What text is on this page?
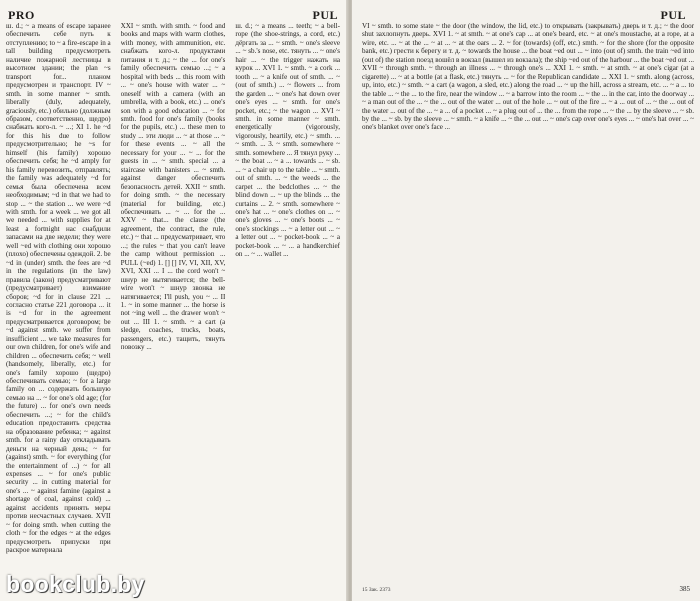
PRO	PUL

ш. d.; ~ a means of escape заранее обеспечить себе путь к отступлению; to ~ a fire-escape in a tall building предусмотреть наличие пожарной лестницы в высотном здании; the plan ~s transport for... планом предусмотрен и транспорт. IV ~ smth. in some manner ~ smth. liberally (duly, adequately, graciously, etc.) обильно (должным образом, соответственно, щедро) снабжать кого-л. ~ ...; XI 1. he ~d for this his due to follow предусмотрительно; he ~s for himself (his family) хорошо обеспечить себя; he ~d amply for his family перевозить, отправлять; the family was adequately ~d for семья была обеспечена всем необходимым; ~d in that we had to stop ... ~ the station ... we were ~d with smth. for a week ... we got all we needed ... with supplies for at least a fortnight нас снабдили запасами на две недели; they were well ~ed with clothing они хорошо (плохо) обеспечены одеждой. 2. be ~d in (under) smth. the fees are ~d in the regulations (in the law) правила (закон) предусматривают (предусматривает) взимание сборов; ~d for in clause 221 ... согласно статье 221 договора ... it is ~d for in the agreement предусматривается договором; be ~d against smth. we suffer from insufficient ... we take measures for our own children, for one's wife and children ... обеспечить себя; ~ well (handsomely, liberally, etc.) for one's family хорошо (щедро) обеспечивать семью; ~ for a large family on ... содержать большую семью на ... ~ for one's old age; (for the future) ... for one's own needs обеспечить ...; ~ for the child's education предоставить средства на образование ребенка; ~ against smth. for a rainy day откладывать деньги на черный день; ~ for (against) smth. ~ for everything (for the entertainment of ...) ~ for all expenses ... ~ for one's public security ... in cutting material for one's ... ~ against famine (against a shortage of coal, against cold) ... against accidents принять меры против несчастных случаев. XVII ~ for doing smth. when cutting the cloth ~ for the edges ~ at the edges предусмотреть припуски при раскрое материала

XXI ~ smth. with smth. ~ food and books and maps with warm clothes, with money, with ammunition, etc. снабжать кого-л. продуктами питания и т. д.; ~ the ... for one's family обеспечить семью ...; ~ a hospital with beds ... this room with ... ~ one's house with water ... ~ oneself with a camera (with an umbrella, with a book, etc.) ... one's son with a good education ... ~ for smth. food for one's family (books for the pupils, etc.) ... these men to study ... эти люди ... ~ at those ... ~ for these events ... ~ all the necessary for your ... ~ ... for the guests in ... ~ smth. special ... a staircase with banisters ... ~ smth. against danger обеспечить безопасность детей. XXII ~ smth. for doing smth. ~ the necessary (material for building, etc.) обеспечивать ... ~ ... for the ... XXV ~ that... the clause (the agreement, the contract, the rule, etc.) ~ that ... предусматривает, что ...; the rules ~ that you can't leave the camp without permission ... PULL (~ed) 1. [] [] IV, VI, XII, XV, XVI, XXI ... I ... the cord won't ~ шнур не вытягивается; the bell-wire won't ~ шнур звонка не натягивается; I'll push, you ~ ... II 1. ~ in some manner ... the horse is not ~ing well ... the drawer won't ~ out ... III 1. ~ smth. ~ a cart (a sledge, coaches, trucks, boats, passengers, etc.) тащить, тянуть повозку ...

ш. d.; ~ a means ... teeth; ~ a bell-rope (the shoe-strings, a cord, etc.) дёргать за ... ~ smth. ~ one's sleeve ... ~ sb.'s nose, etc. тянуть ... ~ one's hair ... ~ the trigger нажать на курок ... XVI 1. ~ smth. ~ a cork ... tooth ... ~ a knife out of smth. ... ~ (out of smth.) ... ~ flowers ... from the garden ... ~ one's hat down over one's eyes ... ~ smth. for one's pocket, etc.; ~ the wagon ... XVI ~ smth. in some manner ~ smth. energetically (vigorously, vigorously, heartily, etc.) ~ smth. ... ~ smth. ... 3. ~ smth. somewhere ~ smth. somewhere ... Я тянул руку ... ~ the boat ... ~ a ... towards ... ~ sb. ... ~ a chair up to the table ... ~ smth. out of smth. ... ~ the weeds ... the carpet ... the bedclothes ... ~ the blind down ... ~ up the blinds ... the curtains ... 2. ~ smth. somewhere ~ one's hat ... ~ one's clothes on ... ~ one's gloves ... ~ one's boots ... ~ one's stockings ... ~ a letter out ... ~ a letter out ... ~ pocket-book ... ~ a pocket-book ... ~ ... a handkerchief on ... ~ ... wallet ...

bookclub.by
PUL

VI ~ smth. to some state ~ the door (the window, the lid, etc.) to открывать (закрывать) дверь и т. д.; ~ the door shut захлопнуть дверь. XVI 1. ~ at smth. ~ at one's cap ... at one's beard, etc. ~ at one's moustache, at a rope, at a wire, etc. ... ~ at the ... ~ at ... ~ at the oars ... 2. ~ for (towards) (off, etc.) smth. ~ for the shore (for the opposite bank, etc.) грести к берегу и т. д. ~ towards the house ... the boat ~ed out ... ~ into (out of) smth. the train ~ed into (out of) the station поезд вошёл в вокзал (вышел из вокзала); the ship ~ed out of the harbour ... the boat ~ed out ... XVII ~ through smth. ~ through an illness ... ~ through one's ... XXI 1. ~ smth. ~ at smth. ~ at one's cigar (at a cigarette) ... ~ at a bottle (at a flask, etc.) тянуть ... ~ for the Republican candidate ... XXI 1. ~ smth. along (across, up, into, etc.) ~ smth. ~ a cart (a wagon, a sled, etc.) along the road ... ~ up the hill, across a stream, etc. ... ~ a ... to the table ... ~ the ... to the fire, near the window ... ~ a barrow into the room ... ~ the ... in the car, into the doorway ... ~ a man out of the ... ~ the ... out of the water ... out of the hole ... ~ out of the fire ... ~ a ... out of ... ~ the ... out of the water ... out of the ... ~ a ... of a pocket ... ~ a plug out of ... the ... from the rope ... ~ the ... by the sleeve ... ~ sb. by the ... ~ sb. by the sleeve ... ~ smth. ~ a knife ... ~ the ... out ... ~ one's cap over one's eyes ... ~ one's hat over ... ~ one's blanket over one's face ...

15 Зак. 2373	385
